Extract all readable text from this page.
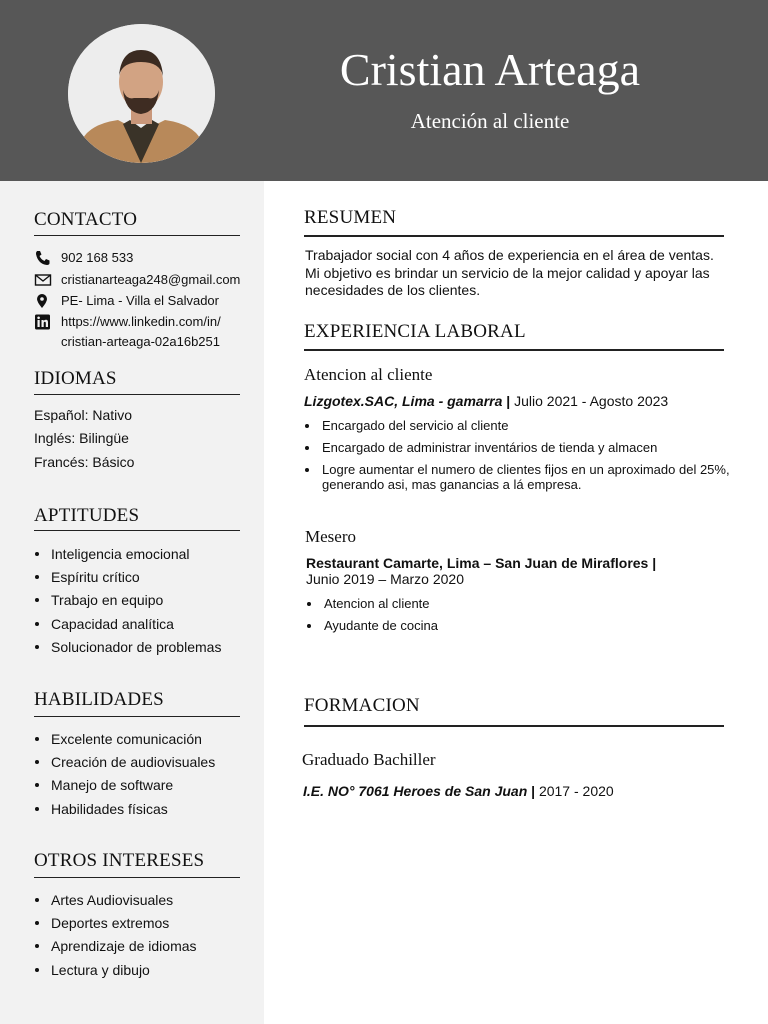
Cristian Arteaga
Atención al cliente
CONTACTO
902 168 533
cristianarteaga248@gmail.com
PE- Lima - Villa el Salvador
https://www.linkedin.com/in/
cristian-arteaga-02a16b251
IDIOMAS
Español: Nativo
Inglés: Bilingüe
Francés: Básico
APTITUDES
Inteligencia emocional
Espíritu crítico
Trabajo en equipo
Capacidad analítica
Solucionador de problemas
HABILIDADES
Excelente comunicación
Creación de audiovisuales
Manejo de software
Habilidades físicas
OTROS INTERESES
Artes Audiovisuales
Deportes extremos
Aprendizaje de idiomas
Lectura y dibujo
RESUMEN
Trabajador social con 4 años de experiencia en el área de ventas. Mi objetivo es brindar un servicio de la mejor calidad y apoyar las necesidades de los clientes.
EXPERIENCIA LABORAL
Atencion al cliente
Lizgotex.SAC, Lima - gamarra | Julio 2021 - Agosto 2023
Encargado del servicio al cliente
Encargado de administrar inventários de tienda y almacen
Logre aumentar el numero de clientes fijos en un aproximado del 25%, generando asi, mas ganancias a lá empresa.
Mesero
Restaurant Camarte, Lima – San Juan de Miraflores |
Junio 2019 – Marzo 2020
Atencion al cliente
Ayudante de cocina
FORMACION
Graduado Bachiller
I.E. NO° 7061 Heroes de San Juan | 2017 - 2020
